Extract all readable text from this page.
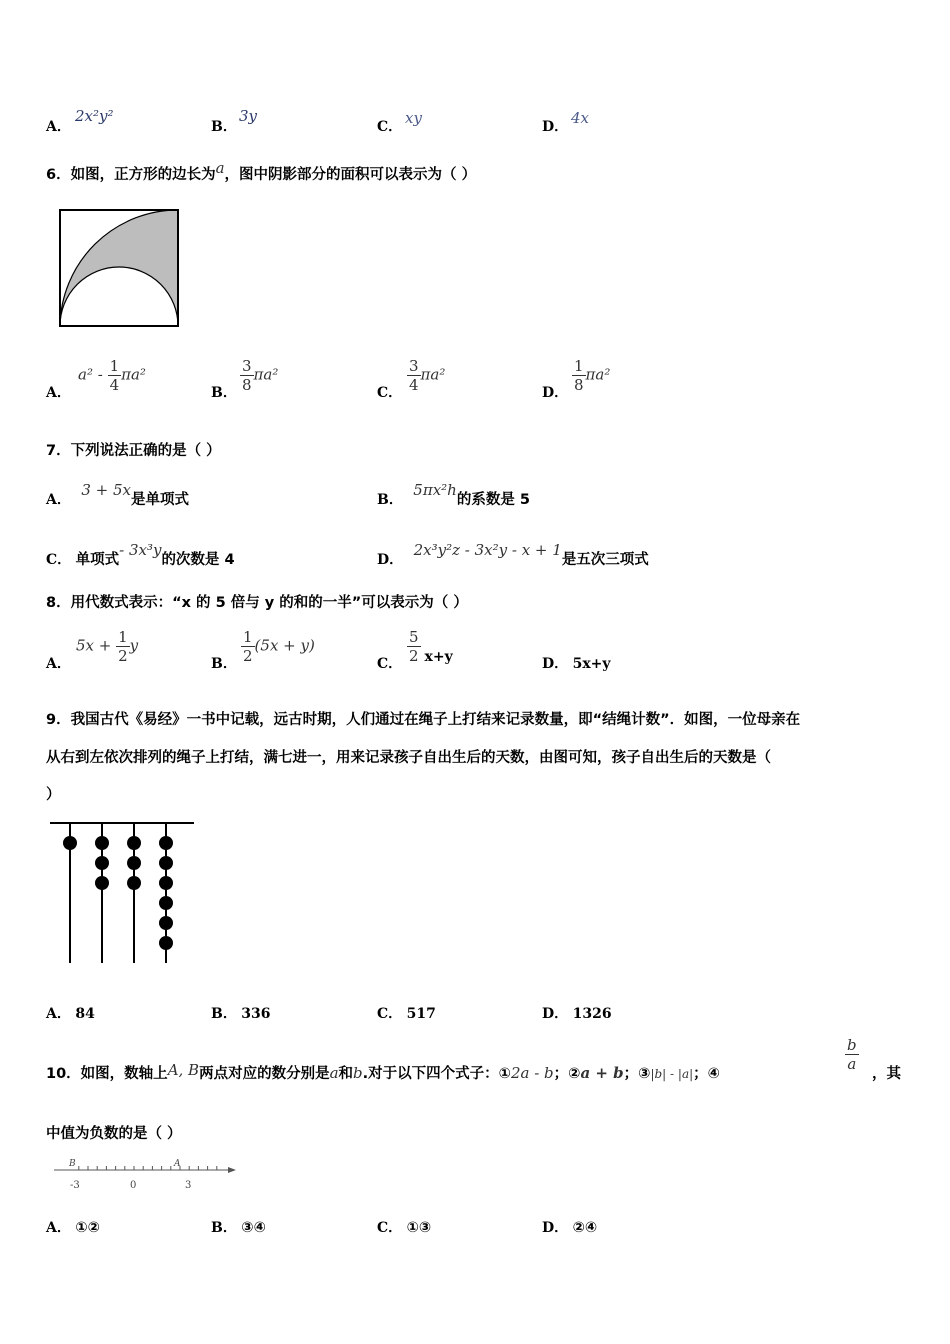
A．
2x²y²
B．
3y
C． xy	D． 4x
6．如图，正方形的边长为a，图中阴影部分的面积可以表示为（ ）
A．
$a^2 - \frac{1}{4} \pi a^2$
B． $\frac{3}{8} \pi a^2$
C． $\frac{3}{4} \pi a^2$
D． $\frac{1}{8} \pi a^2$
7．下列说法正确的是（ ）
A． 3 + 5x是单项式	B． 5πx²h的系数是 5
C． 单项式- 3x³y的次数是 4	D． 2x³y²z - 3x²y - x + 1是五次三项式
8．用代数式表示：“x 的 5 倍与 y 的和的一半”可以表示为（ ）
A．
$5x + \frac{1}{2}$ y
B． $\frac{1}{2} (5x + y)$
C． $\frac{5}{2} x+y$	D． 5x+y
9．我国古代《易经》一书中记载，远古时期，人们通过在绳子上打结来记录数量，即“结绳计数”．如图，一位母亲在
从右到左依次排列的绳子上打结，满七进一，用来记录孩子自出生后的天数，由图可知，孩子自出生后的天数是（
）
A． 84	B． 336	C． 517	D． 1326
10．如图，数轴上A, B两点对应的数分别是a和b.对于以下四个式子：①2a - b；②a + b；③|b| - |a|；④
$\frac{b}{a}$
，其
中值为负数的是（ ）
B	A
-3	0	3
A． ①②	B． ③④	C． ①③	D． ②④
